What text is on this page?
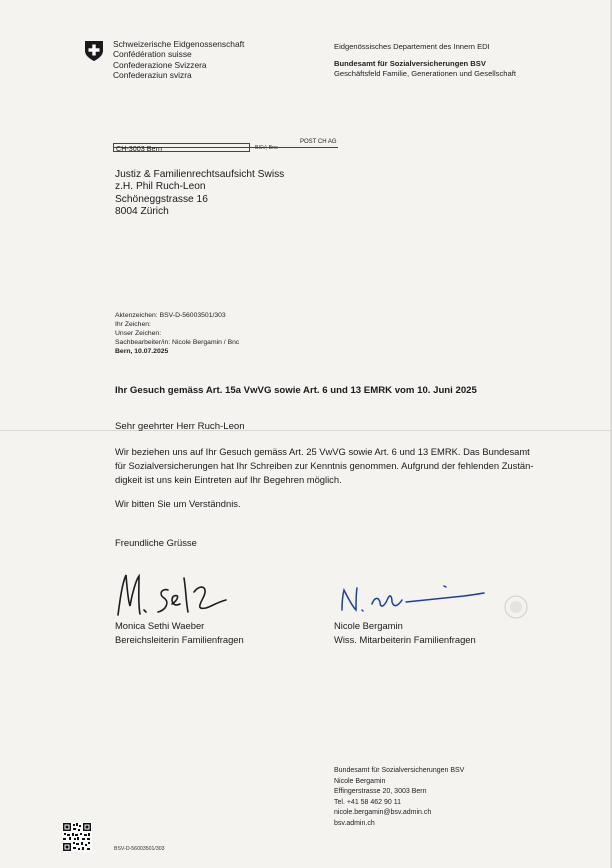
Schweizerische Eidgenossenschaft
Confédération suisse
Confederazione Svizzera
Confederaziun svizra
Eidgenössisches Departement des Innern EDI
Bundesamt für Sozialversicherungen BSV
Geschäftsfeld Familie, Generationen und Gesellschaft
POST CH AG
CH-3003 Bern	BSV; Bnc
Justiz & Familienrechtsaufsicht Swiss
z.H. Phil Ruch-Leon
Schöneggstrasse 16
8004 Zürich
Aktenzeichen: BSV-D-56003501/303
Ihr Zeichen:
Unser Zeichen:
Sachbearbeiter/in: Nicole Bergamin / Bnc
Bern, 10.07.2025
Ihr Gesuch gemäss Art. 15a VwVG sowie Art. 6 und 13 EMRK vom 10. Juni 2025
Sehr geehrter Herr Ruch-Leon
Wir beziehen uns auf Ihr Gesuch gemäss Art. 25 VwVG sowie Art. 6 und 13 EMRK. Das Bundesamt
für Sozialversicherungen hat Ihr Schreiben zur Kenntnis genommen. Aufgrund der fehlenden Zustän-
digkeit ist uns kein Eintreten auf Ihr Begehren möglich.
Wir bitten Sie um Verständnis.
Freundliche Grüsse
Monica Sethi Waeber
Bereichsleiterin Familienfragen
Nicole Bergamin
Wiss. Mitarbeiterin Familienfragen
Bundesamt für Sozialversicherungen BSV
Nicole Bergamin
Effingerstrasse 20, 3003 Bern
Tel. +41 58 462 90 11
nicole.bergamin@bsv.admin.ch
bsv.admin.ch
BSV-D-56003501/303
